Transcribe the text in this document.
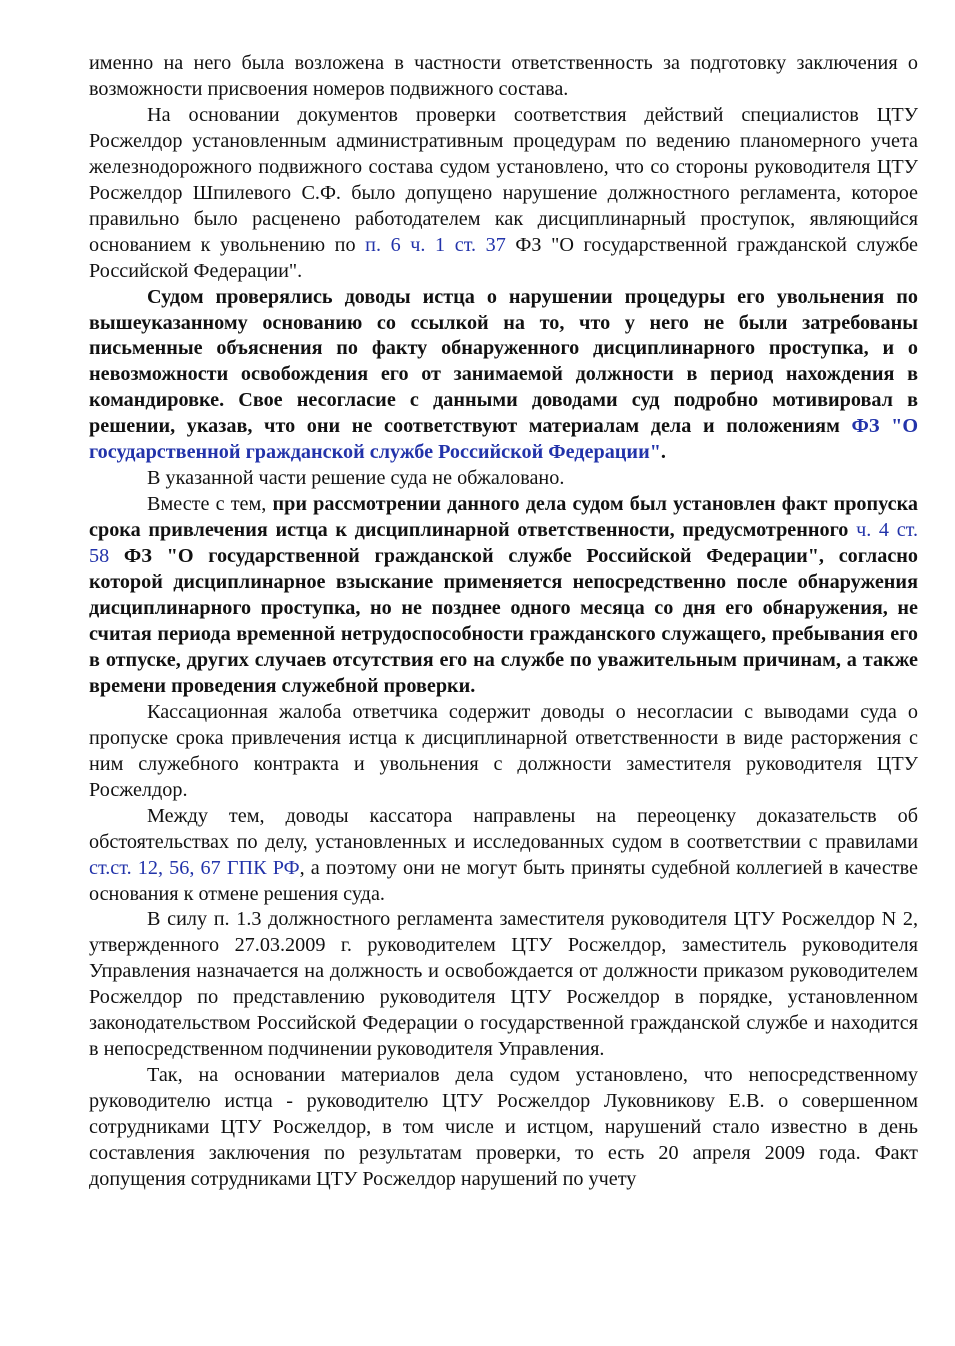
именно на него была возложена в частности ответственность за подготовку заключения о возможности присвоения номеров подвижного состава.

На основании документов проверки соответствия действий специалистов ЦТУ Росжелдор установленным административным процедурам по ведению планомерного учета железнодорожного подвижного состава судом установлено, что со стороны руководителя ЦТУ Росжелдор Шпилевого С.Ф. было допущено нарушение должностного регламента, которое правильно было расценено работодателем как дисциплинарный проступок, являющийся основанием к увольнению по п. 6 ч. 1 ст. 37 ФЗ "О государственной гражданской службе Российской Федерации".

Судом проверялись доводы истца о нарушении процедуры его увольнения по вышеуказанному основанию со ссылкой на то, что у него не были затребованы письменные объяснения по факту обнаруженного дисциплинарного проступка, и о невозможности освобождения его от занимаемой должности в период нахождения в командировке. Свое несогласие с данными доводами суд подробно мотивировал в решении, указав, что они не соответствуют материалам дела и положениям ФЗ "О государственной гражданской службе Российской Федерации".

В указанной части решение суда не обжаловано.

Вместе с тем, при рассмотрении данного дела судом был установлен факт пропуска срока привлечения истца к дисциплинарной ответственности, предусмотренного ч. 4 ст. 58 ФЗ "О государственной гражданской службе Российской Федерации", согласно которой дисциплинарное взыскание применяется непосредственно после обнаружения дисциплинарного проступка, но не позднее одного месяца со дня его обнаружения, не считая периода временной нетрудоспособности гражданского служащего, пребывания его в отпуске, других случаев отсутствия его на службе по уважительным причинам, а также времени проведения служебной проверки.

Кассационная жалоба ответчика содержит доводы о несогласии с выводами суда о пропуске срока привлечения истца к дисциплинарной ответственности в виде расторжения с ним служебного контракта и увольнения с должности заместителя руководителя ЦТУ Росжелдор.

Между тем, доводы кассатора направлены на переоценку доказательств об обстоятельствах по делу, установленных и исследованных судом в соответствии с правилами ст.ст. 12, 56, 67 ГПК РФ, а поэтому они не могут быть приняты судебной коллегией в качестве основания к отмене решения суда.

В силу п. 1.3 должностного регламента заместителя руководителя ЦТУ Росжелдор N 2, утвержденного 27.03.2009 г. руководителем ЦТУ Росжелдор, заместитель руководителя Управления назначается на должность и освобождается от должности приказом руководителем Росжелдор по представлению руководителя ЦТУ Росжелдор в порядке, установленном законодательством Российской Федерации о государственной гражданской службе и находится в непосредственном подчинении руководителя Управления.

Так, на основании материалов дела судом установлено, что непосредственному руководителю истца - руководителю ЦТУ Росжелдор Луковникову Е.В. о совершенном сотрудниками ЦТУ Росжелдор, в том числе и истцом, нарушений стало известно в день составления заключения по результатам проверки, то есть 20 апреля 2009 года. Факт допущения сотрудниками ЦТУ Росжелдор нарушений по учету
